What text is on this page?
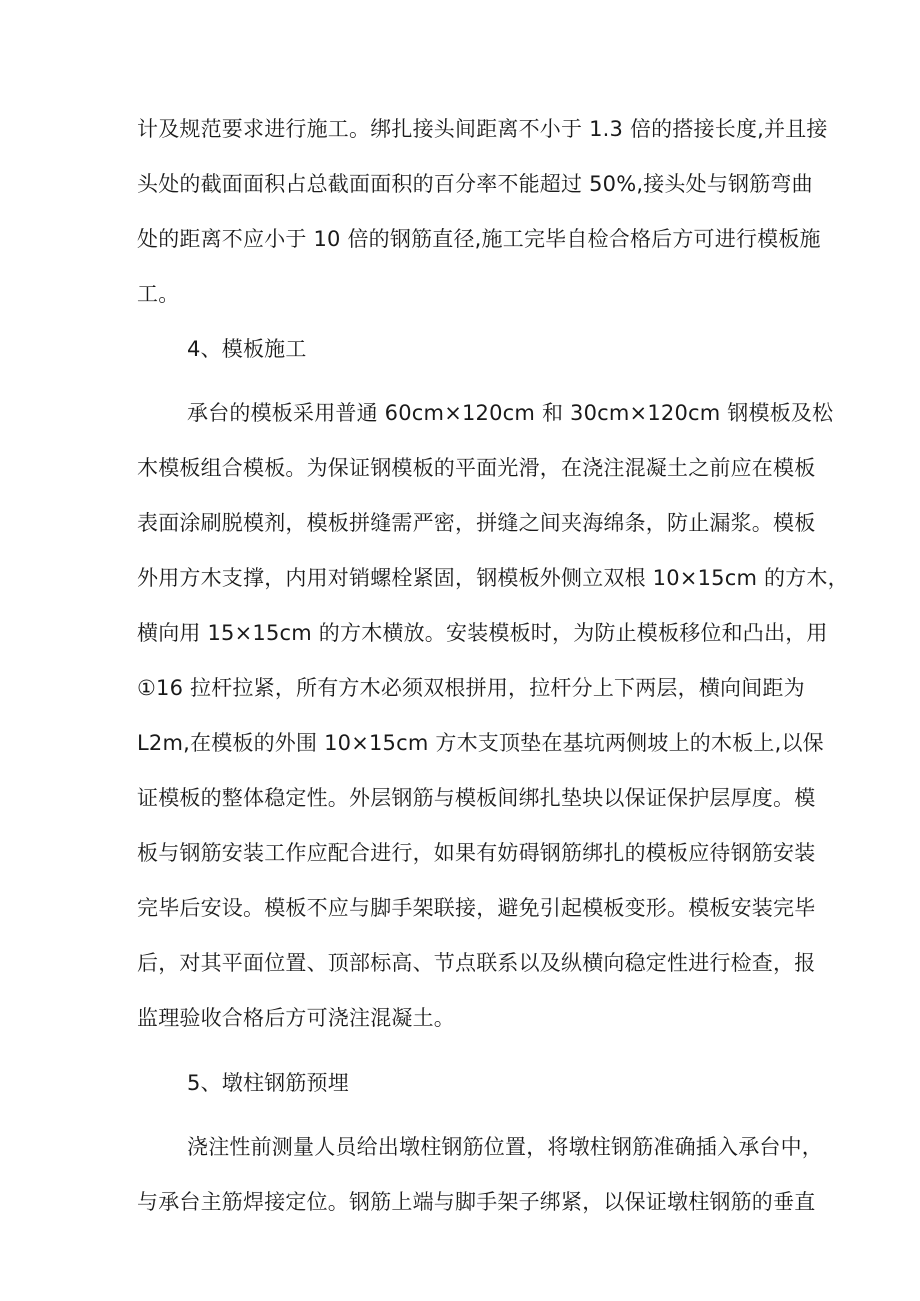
计及规范要求进行施工。绑扎接头间距离不小于 1.3 倍的搭接长度,并且接
头处的截面面积占总截面面积的百分率不能超过 50%,接头处与钢筋弯曲
处的距离不应小于 10 倍的钢筋直径,施工完毕自检合格后方可进行模板施
工。
4、模板施工
承台的模板采用普通 60cm×120cm 和 30cm×120cm 钢模板及松
木模板组合模板。为保证钢模板的平面光滑，在浇注混凝土之前应在模板
表面涂刷脱模剂，模板拼缝需严密，拼缝之间夹海绵条，防止漏浆。模板
外用方木支撑，内用对销螺栓紧固，钢模板外侧立双根 10×15cm 的方木，
横向用 15×15cm 的方木横放。安装模板时，为防止模板移位和凸出，用
①16 拉杆拉紧，所有方木必须双根拼用，拉杆分上下两层，横向间距为
L2m,在模板的外围 10×15cm 方木支顶垫在基坑两侧坡上的木板上,以保
证模板的整体稳定性。外层钢筋与模板间绑扎垫块以保证保护层厚度。模
板与钢筋安装工作应配合进行，如果有妨碍钢筋绑扎的模板应待钢筋安装
完毕后安设。模板不应与脚手架联接，避免引起模板变形。模板安装完毕
后，对其平面位置、顶部标高、节点联系以及纵横向稳定性进行检查，报
监理验收合格后方可浇注混凝土。
5、墩柱钢筋预埋
浇注性前测量人员给出墩柱钢筋位置，将墩柱钢筋准确插入承台中，
与承台主筋焊接定位。钢筋上端与脚手架子绑紧，以保证墩柱钢筋的垂直
